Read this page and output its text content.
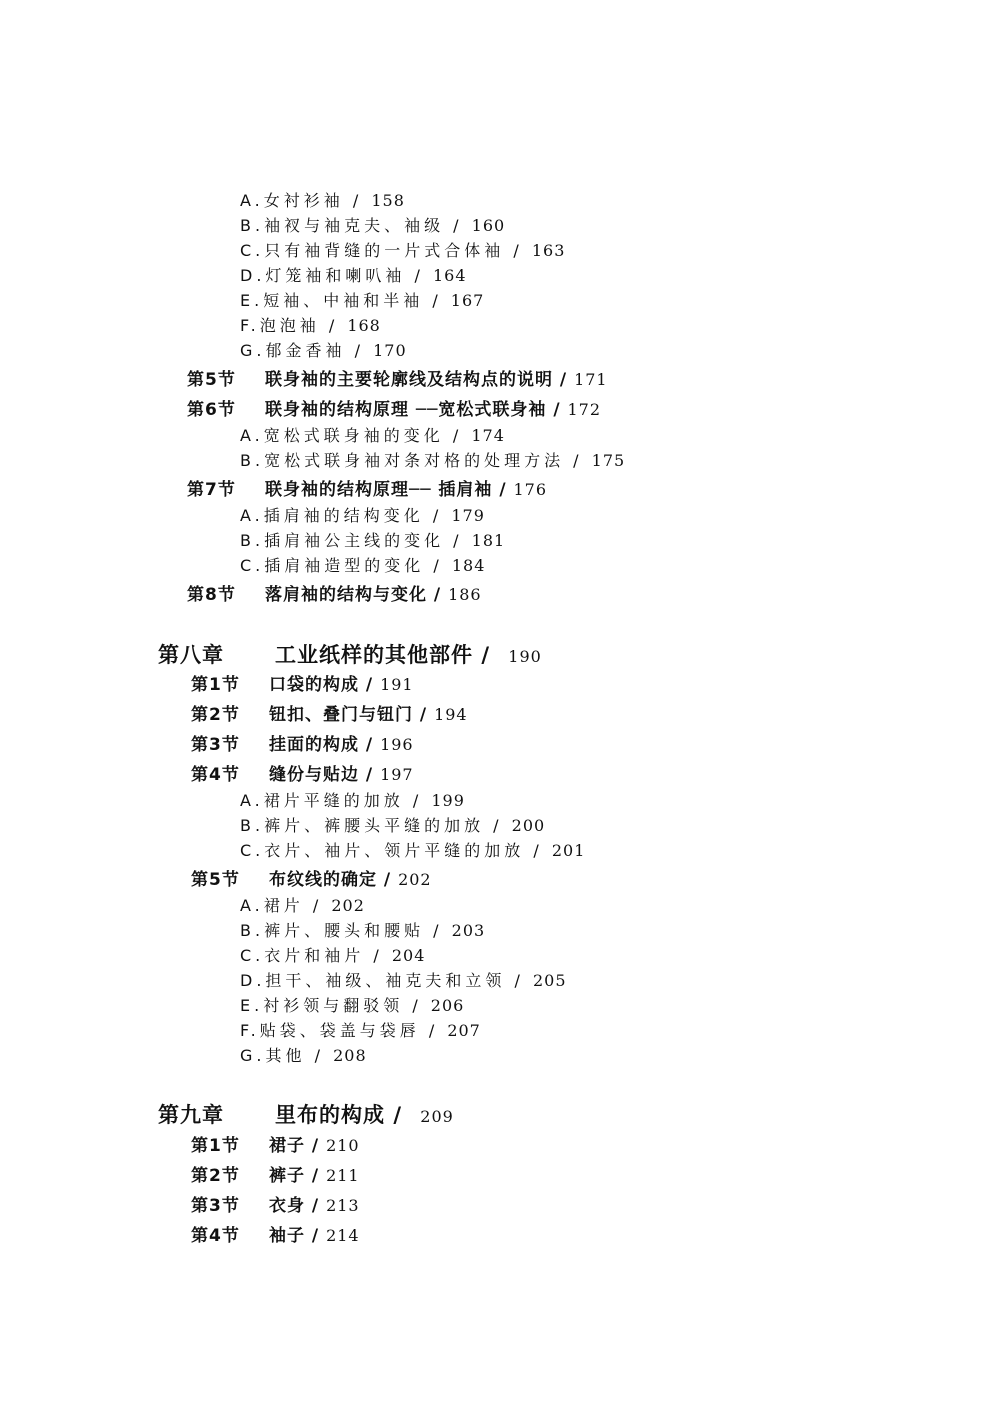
A.女衬衫袖 / 158
B.袖衩与袖克夫、袖级 / 160
C.只有袖背缝的一片式合体袖 / 163
D.灯笼袖和喇叭袖 / 164
E.短袖、中袖和半袖 / 167
F.泡泡袖 / 168
G.郁金香袖 / 170
第5节 联身袖的主要轮廓线及结构点的说明 / 171
第6节 联身袖的结构原理 ──宽松式联身袖 / 172
A.宽松式联身袖的变化 / 174
B.宽松式联身袖对条对格的处理方法 / 175
第7节 联身袖的结构原理── 插肩袖 / 176
A.插肩袖的结构变化 / 179
B.插肩袖公主线的变化 / 181
C.插肩袖造型的变化 / 184
第8节 落肩袖的结构与变化 / 186
第八章 工业纸样的其他部件 / 190
第1节 口袋的构成 / 191
第2节 钮扣、叠门与钮门 / 194
第3节 挂面的构成 / 196
第4节 缝份与贴边 / 197
A.裙片平缝的加放 / 199
B.裤片、裤腰头平缝的加放 / 200
C.衣片、袖片、领片平缝的加放 / 201
第5节 布纹线的确定 / 202
A.裙片 / 202
B.裤片、腰头和腰贴 / 203
C.衣片和袖片 / 204
D.担干、袖级、袖克夫和立领 / 205
E.衬衫领与翻驳领 / 206
F.贴袋、袋盖与袋唇 / 207
G.其他 / 208
第九章 里布的构成 / 209
第1节 裙子 / 210
第2节 裤子 / 211
第3节 衣身 / 213
第4节 袖子 / 214
